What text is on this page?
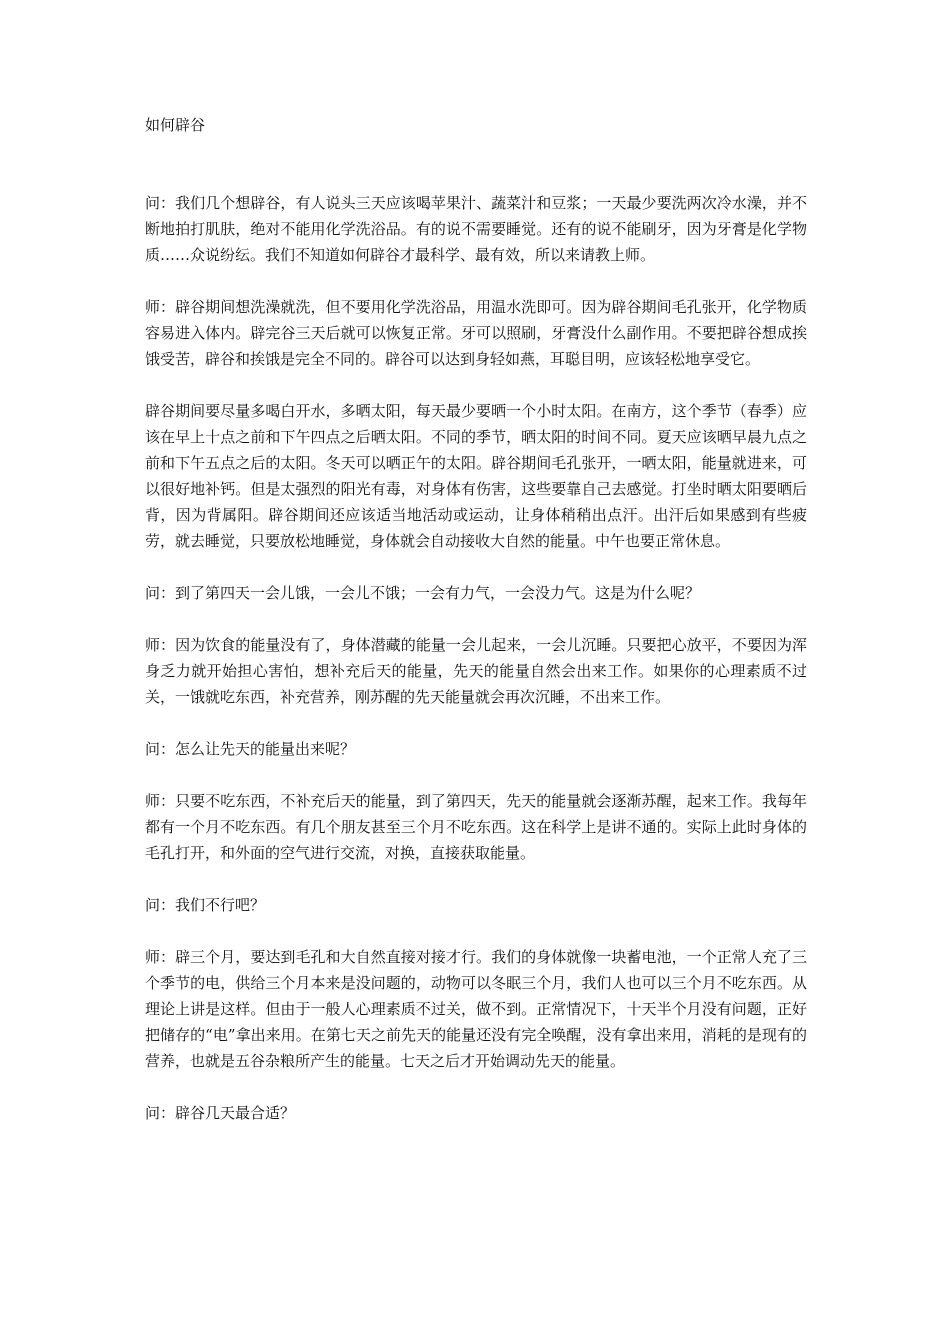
如何辟谷

问：我们几个想辟谷，有人说头三天应该喝苹果汁、蔬菜汁和豆浆；一天最少要洗两次冷水澡，并不断地拍打肌肤，绝对不能用化学洗浴品。有的说不需要睡觉。还有的说不能刷牙，因为牙膏是化学物质……众说纷纭。我们不知道如何辟谷才最科学、最有效，所以来请教上师。

师：辟谷期间想洗澡就洗，但不要用化学洗浴品，用温水洗即可。因为辟谷期间毛孔张开，化学物质容易进入体内。辟完谷三天后就可以恢复正常。牙可以照刷，牙膏没什么副作用。不要把辟谷想成挨饿受苦，辟谷和挨饿是完全不同的。辟谷可以达到身轻如燕，耳聪目明，应该轻松地享受它。

辟谷期间要尽量多喝白开水，多晒太阳，每天最少要晒一个小时太阳。在南方，这个季节（春季）应该在早上十点之前和下午四点之后晒太阳。不同的季节，晒太阳的时间不同。夏天应该晒早晨九点之前和下午五点之后的太阳。冬天可以晒正午的太阳。辟谷期间毛孔张开，一晒太阳，能量就进来，可以很好地补钙。但是太强烈的阳光有毒，对身体有伤害，这些要靠自己去感觉。打坐时晒太阳要晒后背，因为背属阳。辟谷期间还应该适当地活动或运动，让身体稍稍出点汗。出汗后如果感到有些疲劳，就去睡觉，只要放松地睡觉，身体就会自动接收大自然的能量。中午也要正常休息。

问：到了第四天一会儿饿，一会儿不饿；一会有力气，一会没力气。这是为什么呢？

师：因为饮食的能量没有了，身体潜藏的能量一会儿起来，一会儿沉睡。只要把心放平，不要因为浑身乏力就开始担心害怕，想补充后天的能量，先天的能量自然会出来工作。如果你的心理素质不过关，一饿就吃东西，补充营养，刚苏醒的先天能量就会再次沉睡，不出来工作。

问：怎么让先天的能量出来呢？

师：只要不吃东西，不补充后天的能量，到了第四天，先天的能量就会逐渐苏醒，起来工作。我每年都有一个月不吃东西。有几个朋友甚至三个月不吃东西。这在科学上是讲不通的。实际上此时身体的毛孔打开，和外面的空气进行交流，对换，直接获取能量。

问：我们不行吧？

师：辟三个月，要达到毛孔和大自然直接对接才行。我们的身体就像一块蓄电池，一个正常人充了三个季节的电，供给三个月本来是没问题的，动物可以冬眠三个月，我们人也可以三个月不吃东西。从理论上讲是这样。但由于一般人心理素质不过关，做不到。正常情况下，十天半个月没有问题，正好把储存的“电”拿出来用。在第七天之前先天的能量还没有完全唤醒，没有拿出来用，消耗的是现有的营养，也就是五谷杂粮所产生的能量。七天之后才开始调动先天的能量。

问：辟谷几天最合适？
